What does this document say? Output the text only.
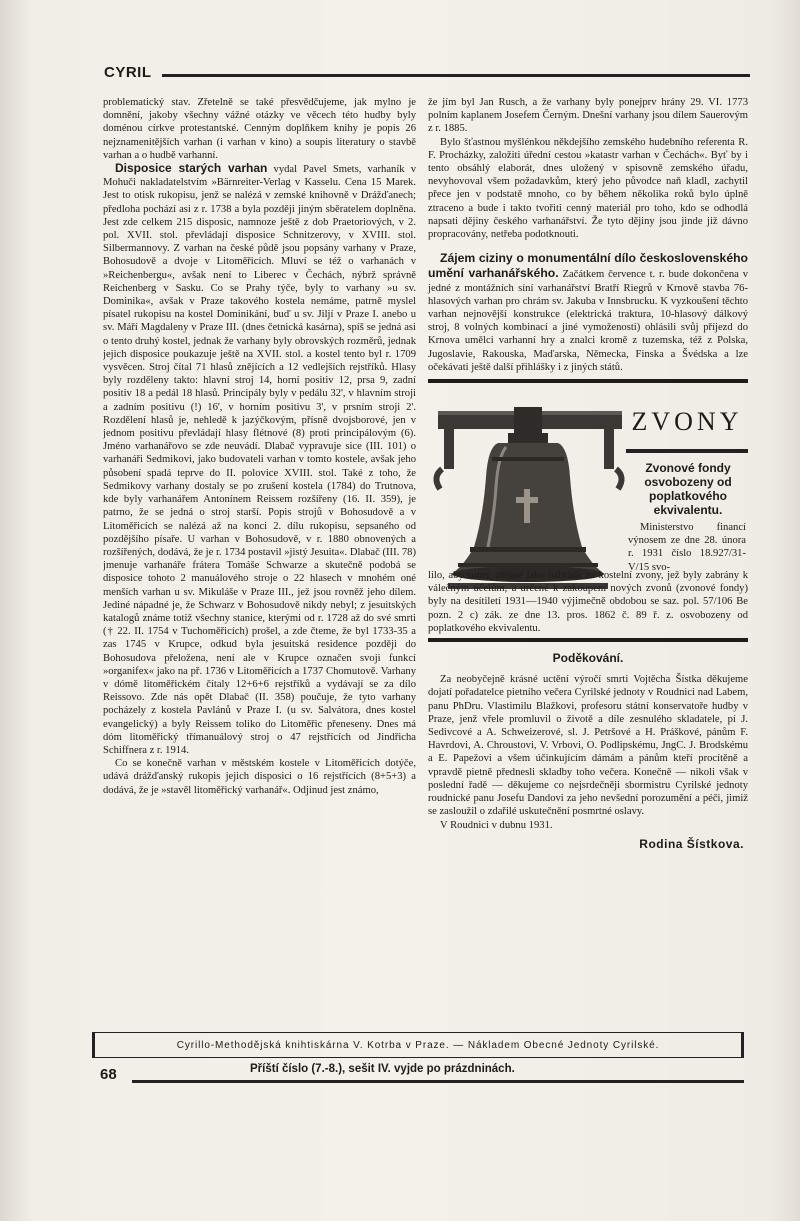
CYRIL

problematický stav. Zřetelně se také přesvědčujeme, jak mylno je domnění, jakoby všechny vážné otázky ve věcech této hudby byly doménou církve protestantské. Cenným doplňkem knihy je popis 26 nejznamenitějších varhan (i varhan v kino) a soupis literatury o stavbě varhan a o hudbě varhanní.

Disposice starých varhan vydal Pavel Smets, varhaník v Mohuči nakladatelstvím »Bärnreiter-Verlag v Kasselu. Cena 15 Marek. Jest to otisk rukopisu, jenž se nalézá v zemské knihovně v Drážďanech; předloha pochází asi z r. 1738 a byla později jiným sběratelem doplněna. Jest zde celkem 215 disposic, namnoze ještě z dob Praetoriových, v 2. pol. XVII. stol. převládají disposice Schnitzerovy, v XVIII. stol. Silbermannovy. Z varhan na české půdě jsou popsány varhany v Praze, Bohosudově a dvoje v Litoměřicích. Mluví se též o varhanách v »Reichenbergu«, avšak není to Liberec v Čechách, nýbrž správně Reichenberg v Sasku. Co se Prahy týče, byly to varhany »u sv. Dominika«, avšak v Praze takového kostela nemáme, patrně myslel písatel rukopisu na kostel Dominikání, buď u sv. Jiljí v Praze I. anebo u sv. Máří Magdaleny v Praze III. (dnes četnická kasárna), spíš se jedná asi o tento druhý kostel, jednak že varhany byly obrovských rozměrů, jednak jejich disposice poukazuje ještě na XVII. stol. a kostel tento byl r. 1709 vysvěcen. Stroj čítal 71 hlasů znějících a 12 vedlejších rejstříků. Hlasy byly rozděleny takto: hlavní stroj 14, horní positiv 12, prsa 9, zadní positiv 18 a pedál 18 hlasů. Principály byly v pedálu 32', v hlavním stroji a zadním positivu (!) 16', v horním positivu 3', v prsním stroji 2'. Rozdělení hlasů je, nehledě k jazýčkovým, přísně dvojsborové, jen v jednom positivu převládají hlasy flétnové (8) proti principálovým (6). Jméno varhanářovo se zde neuvádí. Dlabač vypravuje sice (III. 101) o varhanáři Sedmikovi, jako budovateli varhan v tomto kostele, avšak jeho působení spadá teprve do II. polovice XVIII. stol. Také z toho, že Sedmikovy varhany dostaly se po zrušení kostela (1784) do Trutnova, kde byly varhanářem Antonínem Reissem rozšířeny (16. II. 359), je patrno, že se jedná o stroj starší. Popis strojů v Bohosudově a v Litoměřicích se nalézá až na konci 2. dílu rukopisu, sepsaného od pozdějšího písaře. U varhan v Bohosudově, v r. 1880 obnovených a rozšířených, dodává, že je r. 1734 postavil »jistý Jesuita«. Dlabač (III. 78) jmenuje varhanáře frátera Tomáše Schwarze a skutečně podobá se disposice tohoto 2 manuálového stroje o 22 hlasech v mnohém oné menších varhan u sv. Mikuláše v Praze III., jež jsou rovněž jeho dílem. Jediné nápadné je, že Schwarz v Bohosudově nikdy nebyl; z jesuitských katalogů známe totiž všechny stanice, kterými od r. 1728 až do své smrti († 22. II. 1754 v Tuchoměřicích) prošel, a zde čteme, že byl 1733-35 a zas 1745 v Krupce, odkud byla jesuitská residence později do Bohosudova přeložena, není ale v Krupce označen svoji funkcí »organifex« jako na př. 1736 v Litoměřicích a 1737 Chomutově. Varhany v dómě litoměřickém čítaly 12+6+6 rejstříků a vydávají se za dílo Reissovo. Zde nás opět Dlabač (II. 358) poučuje, že tyto varhany pocházely z kostela Pavlánů v Praze I. (u sv. Salvátora, dnes kostel evangelický) a byly Reissem toliko do Litoměřic přeneseny. Dnes má dóm litoměřický třímanuálový stroj o 47 rejstřících od Jindřicha Schiffnera z r. 1914.

Co se konečně varhan v městském kostele v Litoměřicích dotýče, udává drážďanský rukopis jejich disposici o 16 rejstřících (8+5+3) a dodává, že je »stavěl litoměřický varhanář«. Odjinud jest známo,

že jím byl Jan Rusch, a že varhany byly ponejprv hrány 29. VI. 1773 polním kaplanem Josefem Černým. Dnešní varhany jsou dílem Sauerovým z r. 1885.

Bylo šťastnou myšlénkou někdejšího zemského hudebního referenta R. F. Procházky, založiti úřední cestou »katastr varhan v Čechách«. Byť by i tento obsáhlý elaborát, dnes uložený v spisovně zemského úřadu, nevyhovoval všem požadavkům, který jeho původce naň kladl, zachytil přece jen v podstatě mnoho, co by během několika roků bylo úplně ztraceno a bude i takto tvořiti cenný materiál pro toho, kdo se odhodlá napsati dějiny českého varhanářství. Že tyto dějiny jsou jinde již dávno propracovány, netřeba podotknouti.

Zájem ciziny o monumentální dílo československého umění varhanářského. Začátkem července t. r. bude dokončena v jedné z montážních síní varhanářství Bratří Riegrů v Krnově stavba 76-hlasových varhan pro chrám sv. Jakuba v Innsbrucku. K vyzkoušení těchto varhan nejnovější konstrukce (elektrická traktura, 10-hlasový dálkový stroj, 8 volných kombinací a jiné vymoženosti) ohlásili svůj příjezd do Krnova umělci varhanní hry a znalci kromě z tuzemska, též z Polska, Jugoslavie, Rakouska, Maďarska, Německa, Finska a Švédska a lze očekávati ještě další přihlášky i z jiných států.

ZVONY
Zvonové fondy osvobozeny od poplatkového ekvivalentu.

Ministerstvo financí výnosem ze dne 28. února r. 1931 číslo 18.927/31-V/15 svo-

lilo, aby sumy, přijaté jako náhrada za kostelní zvony, jež byly zabrány k válečným účelům, a určené k zakoupení nových zvonů (zvonové fondy) byly na desítiletí 1931—1940 výjimečně obdobou se saz. pol. 57/106 Be pozn. 2 c) zák. ze dne 13. pros. 1862 č. 89 ř. z. osvobozeny od poplatkového ekvivalentu.
Poděkování.

Za neobyčejně krásné uctění výročí smrti Vojtěcha Šístka děkujeme dojatí pořadatelce pietního večera Cyrilské jednoty v Roudnici nad Labem, panu PhDru. Vlastimilu Blažkovi, profesoru státní konservatoře hudby v Praze, jenž vřele promluvil o životě a díle zesnulého skladatele, pí J. Sedivcové a A. Schweizerové, sl. J. Petršové a H. Práškové, pánům F. Havrdovi, A. Chroustovi, V. Vrbovi, O. Podlipskému, JngC. J. Brodskému a E. Papežovi a všem účinkujícím dámám a pánům kteří procítěně a vpravdě pietně přednesli skladby toho večera. Konečně — nikoli však v poslední řadě — děkujeme co nejsrdečněji sbormistru Cyrilské jednoty roudnické panu Josefu Dandovi za jeho nevšední porozumění a péči, jimiž se zasloužil o zdařilé uskutečnění posmrtné oslavy.

V Roudnici v dubnu 1931.

Rodina Šístkova.
Cyrillo-Methodějská knihtiskárna V. Kotrba v Praze. — Nákladem Obecné Jednoty Cyrilské.
68	Příští číslo (7.-8.), sešit IV. vyjde po prázdninách.
